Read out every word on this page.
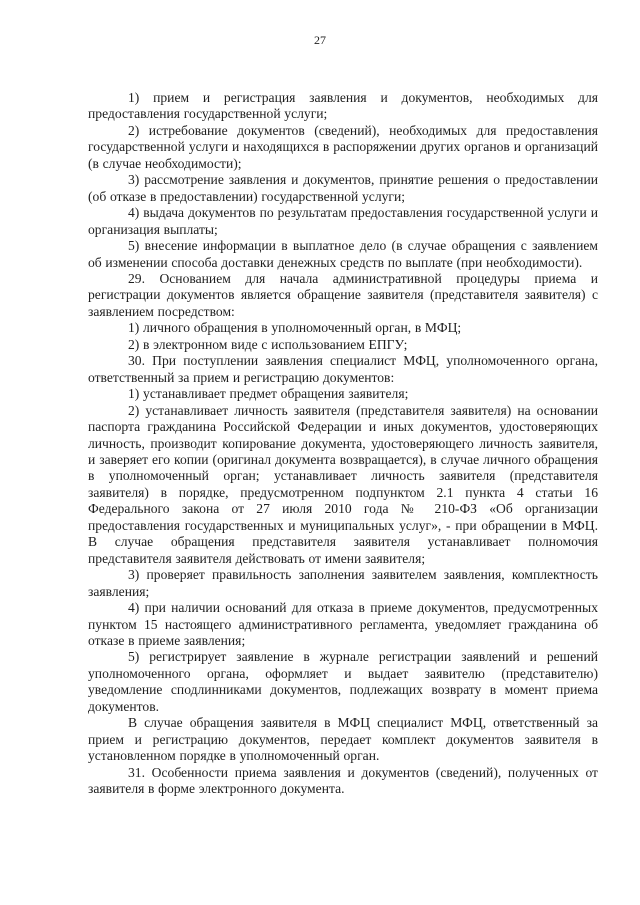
27

1) прием и регистрация заявления и документов, необходимых для предоставления государственной услуги;

2) истребование документов (сведений), необходимых для предоставления государственной услуги и находящихся в распоряжении других органов и организаций (в случае необходимости);

3) рассмотрение заявления и документов, принятие решения о предоставлении (об отказе в предоставлении) государственной услуги;

4) выдача документов по результатам предоставления государственной услуги и организация выплаты;

5) внесение информации в выплатное дело (в случае обращения с заявлением об изменении способа доставки денежных средств по выплате (при необходимости).

29. Основанием для начала административной процедуры приема и регистрации документов является обращение заявителя (представителя заявителя) с заявлением посредством:

1) личного обращения в уполномоченный орган, в МФЦ;

2) в электронном виде с использованием ЕПГУ;

30. При поступлении заявления специалист МФЦ, уполномоченного органа, ответственный за прием и регистрацию документов:

1) устанавливает предмет обращения заявителя;

2) устанавливает личность заявителя (представителя заявителя) на основании паспорта гражданина Российской Федерации и иных документов, удостоверяющих личность, производит копирование документа, удостоверяющего личность заявителя, и заверяет его копии (оригинал документа возвращается), в случае личного обращения в уполномоченный орган; устанавливает личность заявителя (представителя заявителя) в порядке, предусмотренном подпунктом 2.1 пункта 4 статьи 16 Федерального закона от 27 июля 2010 года № 210-ФЗ «Об организации предоставления государственных и муниципальных услуг», - при обращении в МФЦ. В случае обращения представителя заявителя устанавливает полномочия представителя заявителя действовать от имени заявителя;

3) проверяет правильность заполнения заявителем заявления, комплектность заявления;

4) при наличии оснований для отказа в приеме документов, предусмотренных пунктом 15 настоящего административного регламента, уведомляет гражданина об отказе в приеме заявления;

5) регистрирует заявление в журнале регистрации заявлений и решений уполномоченного органа, оформляет и выдает заявителю (представителю) уведомление сподлинниками документов, подлежащих возврату в момент приема документов.

В случае обращения заявителя в МФЦ специалист МФЦ, ответственный за прием и регистрацию документов, передает комплект документов заявителя в установленном порядке в уполномоченный орган.

31. Особенности приема заявления и документов (сведений), полученных от заявителя в форме электронного документа.
